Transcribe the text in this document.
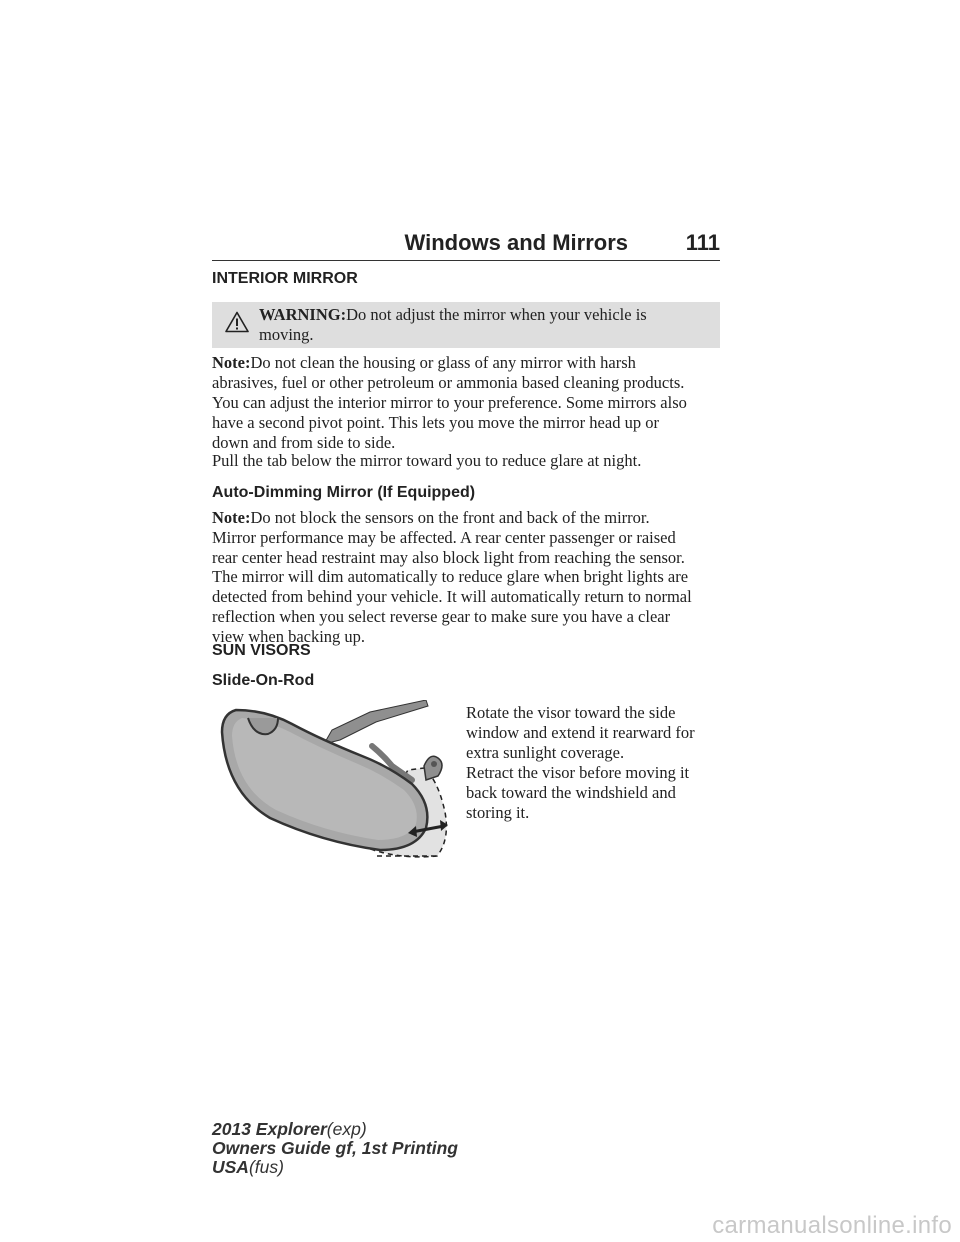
Windows and Mirrors	111
INTERIOR MIRROR
WARNING:Do not adjust the mirror when your vehicle is
moving.
Note:Do not clean the housing or glass of any mirror with harsh
abrasives, fuel or other petroleum or ammonia based cleaning products.
You can adjust the interior mirror to your preference. Some mirrors also
have a second pivot point. This lets you move the mirror head up or
down and from side to side.
Pull the tab below the mirror toward you to reduce glare at night.
Auto-Dimming Mirror (If Equipped)
Note:Do not block the sensors on the front and back of the mirror.
Mirror performance may be affected. A rear center passenger or raised
rear center head restraint may also block light from reaching the sensor.
The mirror will dim automatically to reduce glare when bright lights are
detected from behind your vehicle. It will automatically return to normal
reflection when you select reverse gear to make sure you have a clear
view when backing up.
SUN VISORS
Slide-On-Rod
Rotate the visor toward the side
window and extend it rearward for
extra sunlight coverage.
Retract the visor before moving it
back toward the windshield and
storing it.
2013 Explorer(exp)
Owners Guide gf, 1st Printing
USA(fus)
carmanualsonline.info
